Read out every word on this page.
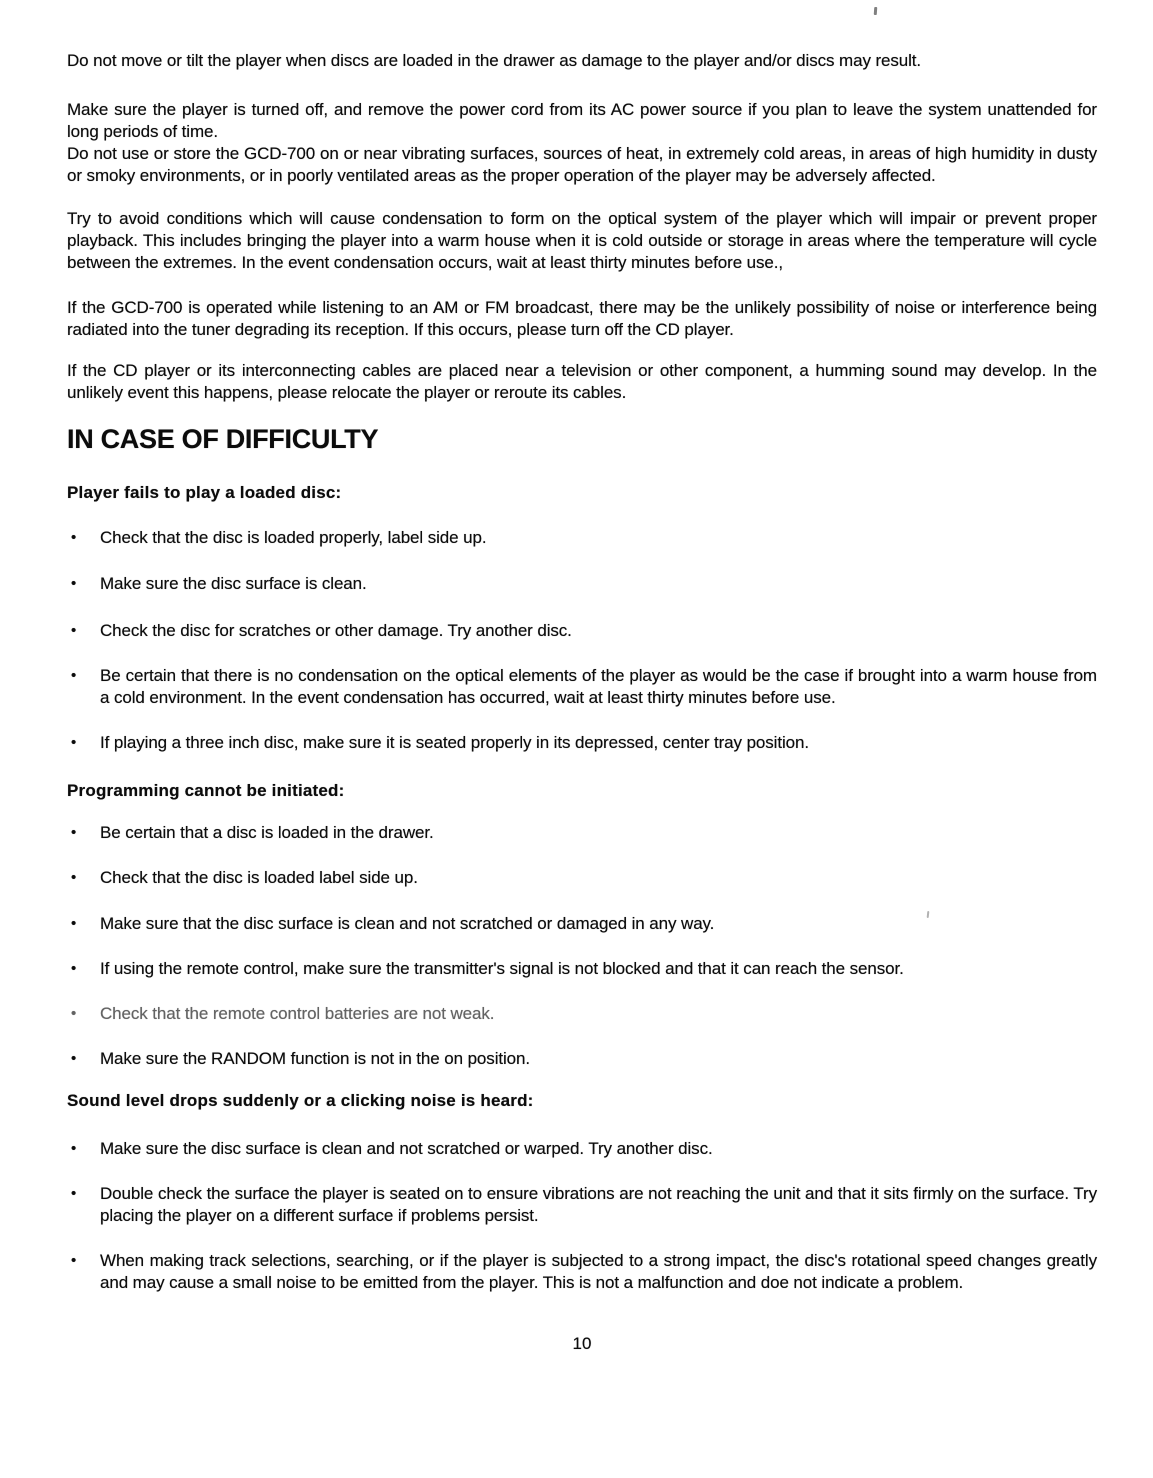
Do not move or tilt the player when discs are loaded in the drawer as damage to the player and/or discs may result.

Make sure the player is turned off, and remove the power cord from its AC power source if you plan to leave the system unattended for long periods of time.

Do not use or store the GCD-700 on or near vibrating surfaces, sources of heat, in extremely cold areas, in areas of high humidity in dusty or smoky environments, or in poorly ventilated areas as the proper operation of the player may be adversely affected.

Try to avoid conditions which will cause condensation to form on the optical system of the player which will impair or prevent proper playback. This includes bringing the player into a warm house when it is cold outside or storage in areas where the temperature will cycle between the extremes. In the event condensation occurs, wait at least thirty minutes before use.,

If the GCD-700 is operated while listening to an AM or FM broadcast, there may be the unlikely possibility of noise or interference being radiated into the tuner degrading its reception. If this occurs, please turn off the CD player.

If the CD player or its interconnecting cables are placed near a television or other component, a humming sound may develop. In the unlikely event this happens, please relocate the player or reroute its cables.

IN CASE OF DIFFICULTY
Player fails to play a loaded disc:
•	Check that the disc is loaded properly, label side up.
•	Make sure the disc surface is clean.
•	Check the disc for scratches or other damage. Try another disc.
•	Be certain that there is no condensation on the optical elements of the player as would be the case if brought into a warm house from a cold environment. In the event condensation has occurred, wait at least thirty minutes before use.
•	If playing a three inch disc, make sure it is seated properly in its depressed, center tray position.
Programming cannot be initiated:
•	Be certain that a disc is loaded in the drawer.
•	Check that the disc is loaded label side up.
•	Make sure that the disc surface is clean and not scratched or damaged in any way.
•	If using the remote control, make sure the transmitter's signal is not blocked and that it can reach the sensor.
•	Check that the remote control batteries are not weak.
•	Make sure the RANDOM function is not in the on position.
Sound level drops suddenly or a clicking noise is heard:
•	Make sure the disc surface is clean and not scratched or warped. Try another disc.
•	Double check the surface the player is seated on to ensure vibrations are not reaching the unit and that it sits firmly on the surface. Try placing the player on a different surface if problems persist.
•	When making track selections, searching, or if the player is subjected to a strong impact, the disc's rotational speed changes greatly and may cause a small noise to be emitted from the player. This is not a malfunction and doe not indicate a problem.
10
